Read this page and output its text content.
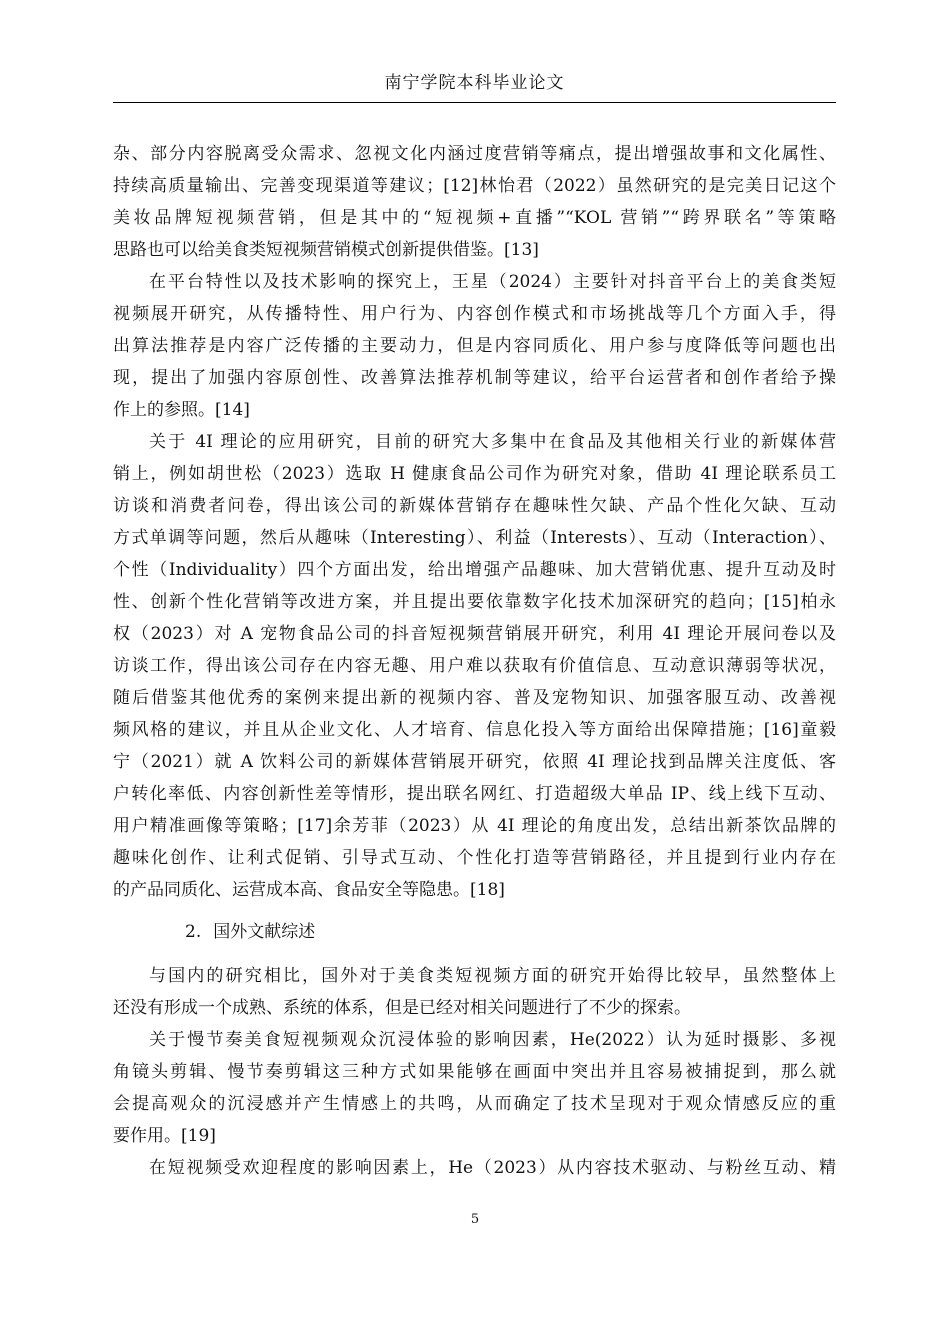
南宁学院本科毕业论文
杂、部分内容脱离受众需求、忽视文化内涵过度营销等痛点，提出增强故事和文化属性、
持续高质量输出、完善变现渠道等建议；[12]林怡君（2022）虽然研究的是完美日记这个
美妆品牌短视频营销，但是其中的“短视频+直播”“KOL 营销”“跨界联名”等策略
思路也可以给美食类短视频营销模式创新提供借鉴。[13]
在平台特性以及技术影响的探究上，王星（2024）主要针对抖音平台上的美食类短
视频展开研究，从传播特性、用户行为、内容创作模式和市场挑战等几个方面入手，得
出算法推荐是内容广泛传播的主要动力，但是内容同质化、用户参与度降低等问题也出
现，提出了加强内容原创性、改善算法推荐机制等建议，给平台运营者和创作者给予操
作上的参照。[14]
关于 4I 理论的应用研究，目前的研究大多集中在食品及其他相关行业的新媒体营
销上，例如胡世松（2023）选取 H 健康食品公司作为研究对象，借助 4I 理论联系员工
访谈和消费者问卷，得出该公司的新媒体营销存在趣味性欠缺、产品个性化欠缺、互动
方式单调等问题，然后从趣味（Interesting）、利益（Interests）、互动（Interaction）、
个性（Individuality）四个方面出发，给出增强产品趣味、加大营销优惠、提升互动及时
性、创新个性化营销等改进方案，并且提出要依靠数字化技术加深研究的趋向；[15]柏永
权（2023）对 A 宠物食品公司的抖音短视频营销展开研究，利用 4I 理论开展问卷以及
访谈工作，得出该公司存在内容无趣、用户难以获取有价值信息、互动意识薄弱等状况，
随后借鉴其他优秀的案例来提出新的视频内容、普及宠物知识、加强客服互动、改善视
频风格的建议，并且从企业文化、人才培育、信息化投入等方面给出保障措施；[16]童毅
宁（2021）就 A 饮料公司的新媒体营销展开研究，依照 4I 理论找到品牌关注度低、客
户转化率低、内容创新性差等情形，提出联名网红、打造超级大单品 IP、线上线下互动、
用户精准画像等策略；[17]余芳菲（2023）从 4I 理论的角度出发，总结出新茶饮品牌的
趣味化创作、让利式促销、引导式互动、个性化打造等营销路径，并且提到行业内存在
的产品同质化、运营成本高、食品安全等隐患。[18]
2. 国外文献综述
与国内的研究相比，国外对于美食类短视频方面的研究开始得比较早，虽然整体上
还没有形成一个成熟、系统的体系，但是已经对相关问题进行了不少的探索。
关于慢节奏美食短视频观众沉浸体验的影响因素，He(2022）认为延时摄影、多视
角镜头剪辑、慢节奏剪辑这三种方式如果能够在画面中突出并且容易被捕捉到，那么就
会提高观众的沉浸感并产生情感上的共鸣，从而确定了技术呈现对于观众情感反应的重
要作用。[19]
在短视频受欢迎程度的影响因素上，He（2023）从内容技术驱动、与粉丝互动、精
5
